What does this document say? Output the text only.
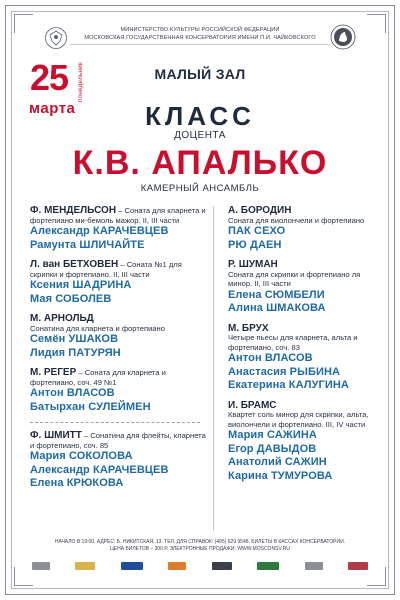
МИНИСТЕРСТВО КУЛЬТУРЫ РОССИЙСКОЙ ФЕДЕРАЦИИ
МОСКОВСКАЯ ГОСУДАРСТВЕННАЯ КОНСЕРВАТОРИЯ ИМЕНИ П.И. ЧАЙКОВСКОГО
25 понедельник
марта
МАЛЫЙ ЗАЛ
КЛАСС
ДОЦЕНТА
К.В. АПАЛЬКО
КАМЕРНЫЙ АНСАМБЛЬ
Ф. МЕНДЕЛЬСОН – Соната для кларнета и фортепиано ми-бемоль мажор. II, III части
Александр КАРАЧЕВЦЕВ
Рамунта ШЛИЧАЙТЕ
Л. ван БЕТХОВЕН – Соната №1 для скрипки и фортепиано. II, III части
Ксения ШАДРИНА
Мая СОБОЛЕВ
М. АРНОЛЬД
Сонатина для кларнета и фортепиано
Семён УШАКОВ
Лидия ПАТУРЯН
М. РЕГЕР – Соната для кларнета и фортепиано, соч. 49 №1
Антон ВЛАСОВ
Батырхан СУЛЕЙМЕН
Ф. ШМИТТ – Сонатина для флейты, кларнета и фортепиано, соч. 85
Мария СОКОЛОВА
Александр КАРАЧЕВЦЕВ
Елена КРЮКОВА
А. БОРОДИН
Соната для виолончели и фортепиано
ПАК СЕХО
РЮ ДАЕН
Р. ШУМАН
Соната для скрипки и фортепиано ля минор. II, III части
Елена СЮМБЕЛИ
Алина ШМАКОВА
М. БРУХ
Четыре пьесы для кларнета, альта и фортепиано, соч. 83
Антон ВЛАСОВ
Анастасия РЫБИНА
Екатерина КАЛУГИНА
И. БРАМС
Квартет соль минор для скрипки, альта, виолончели и фортепиано. III, IV части
Мария САЖИНА
Егор ДАВЫДОВ
Анатолий САЖИН
Карина ТУМУРОВА
НАЧАЛО В 19:00. АДРЕС: Б. НИКИТСКАЯ, 13. ТЕЛ. ДЛЯ СПРАВОК: (495) 629 9548. БИЛЕТЫ В КАССАХ КОНСЕРВАТОРИИ.
ЦЕНА БИЛЕТОВ – 300 Р. ЭЛЕКТРОННЫЕ ПРОДАЖИ: WWW.MOSCONSV.RU
